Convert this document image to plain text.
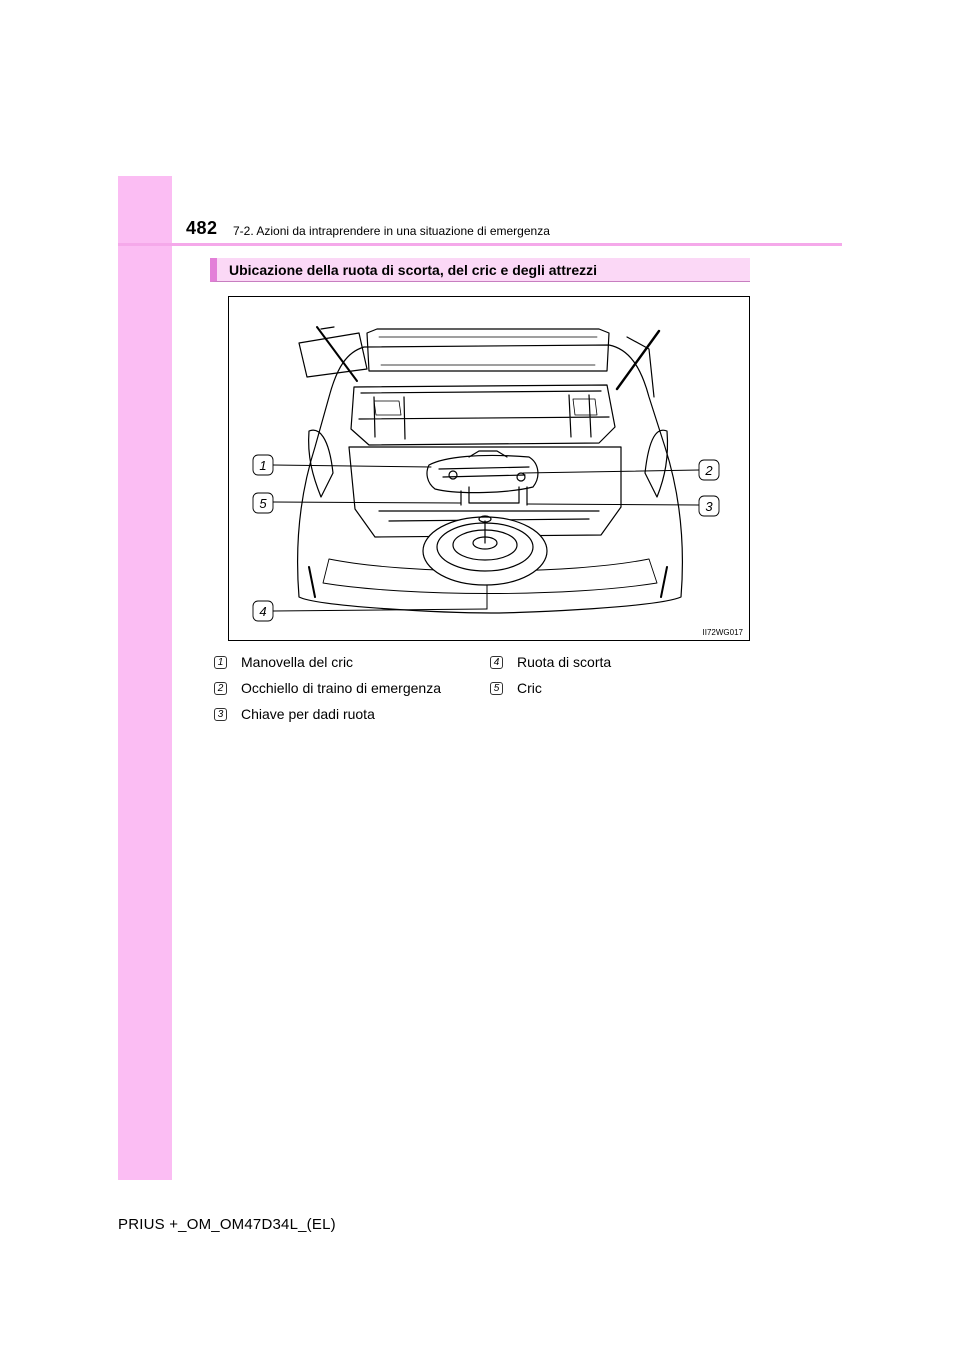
482 7-2. Azioni da intraprendere in una situazione di emergenza
Ubicazione della ruota di scorta, del cric e degli attrezzi
1	2
3
4
5
II72WG017
1 Manovella del cric
2 Occhiello di traino di emergenza
3 Chiave per dadi ruota
4 Ruota di scorta
5 Cric
PRIUS +_OM_OM47D34L_(EL)
